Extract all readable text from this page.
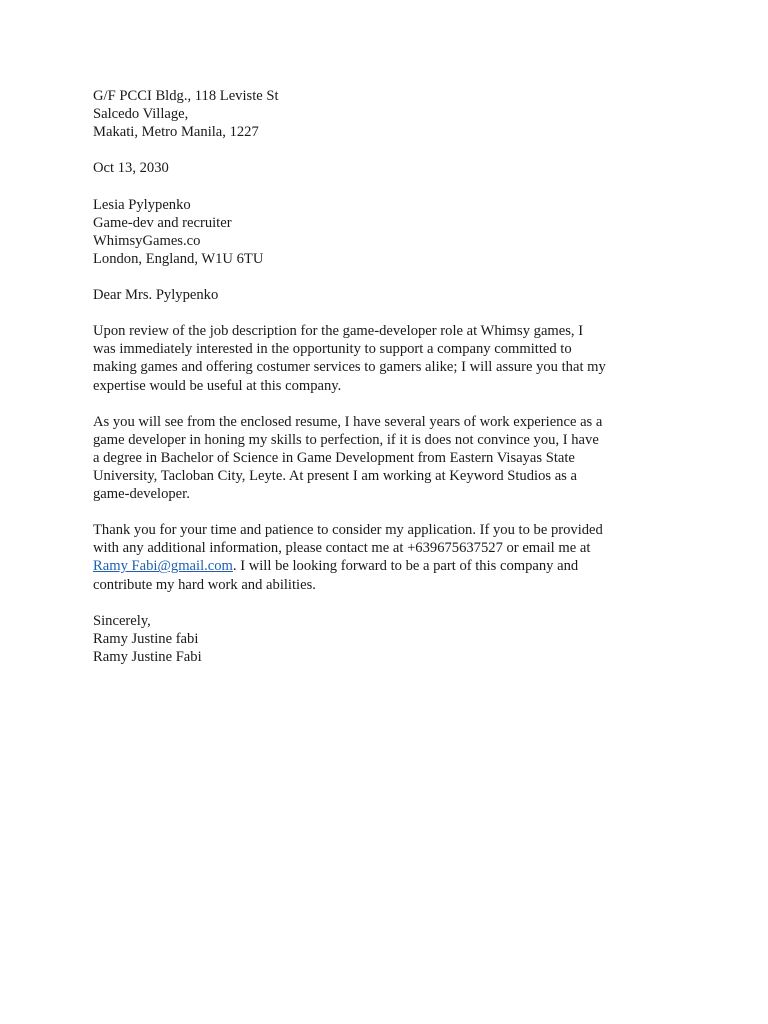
G/F PCCI Bldg., 118 Leviste St
Salcedo Village,
Makati, Metro Manila, 1227
Oct 13, 2030
Lesia Pylypenko
Game-dev and recruiter
WhimsyGames.co
London, England, W1U 6TU
Dear Mrs. Pylypenko
Upon review of the job description for the game-developer role at Whimsy games, I
was immediately interested in the opportunity to support a company committed to
making games and offering costumer services to gamers alike; I will assure you that my
expertise would be useful at this company.
As you will see from the enclosed resume, I have several years of work experience as a
game developer in honing my skills to perfection, if it is does not convince you, I have
a degree in Bachelor of Science in Game Development from Eastern Visayas State
University, Tacloban City, Leyte. At present I am working at Keyword Studios as a
game-developer.
Thank you for your time and patience to consider my application. If you to be provided
with any additional information, please contact me at +639675637527 or email me at
Ramy Fabi@gmail.com. I will be looking forward to be a part of this company and
contribute my hard work and abilities.
Sincerely,
Ramy Justine fabi
Ramy Justine Fabi
